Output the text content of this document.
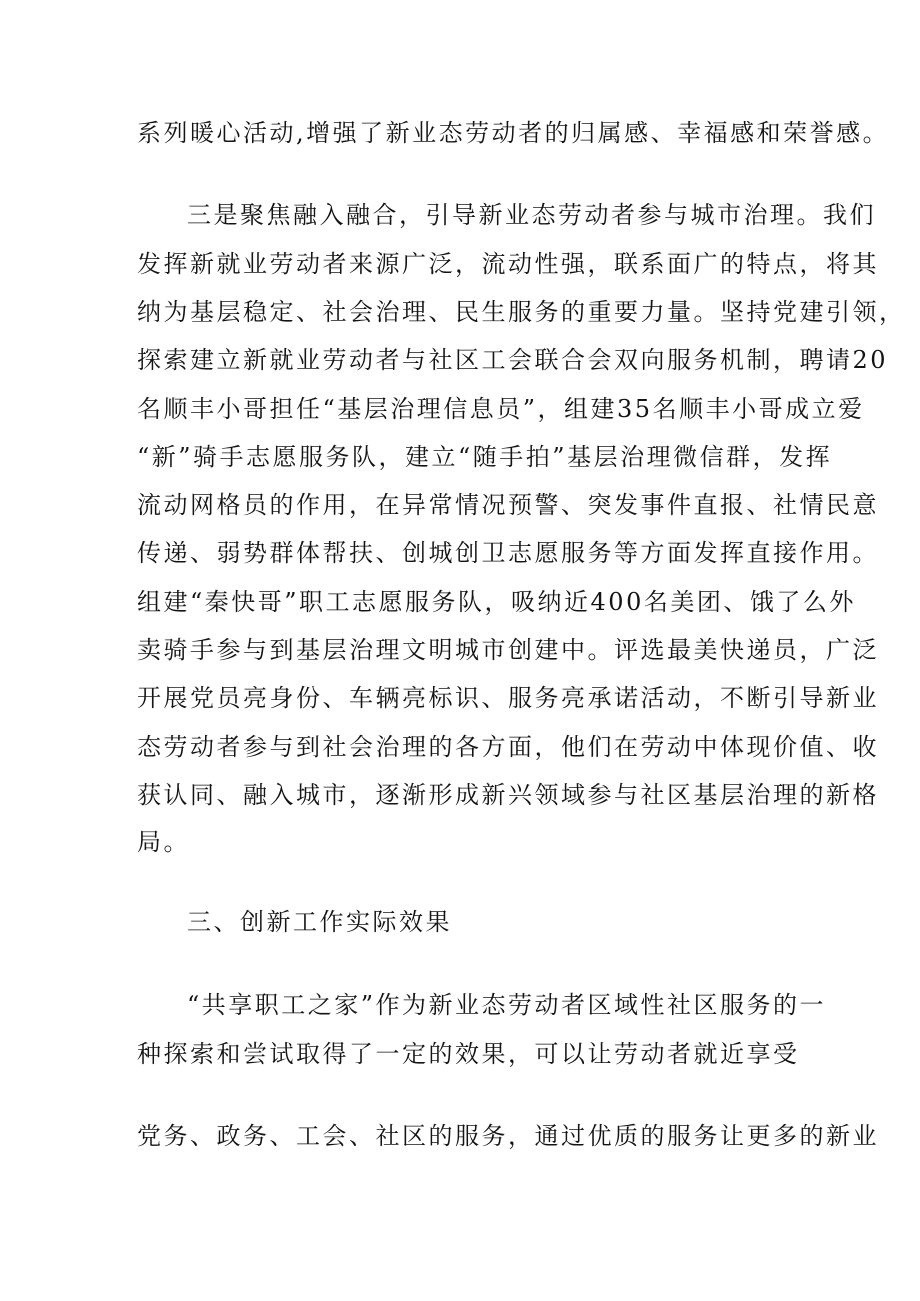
系列暖心活动,增强了新业态劳动者的归属感、幸福感和荣誉感。
三是聚焦融入融合，引导新业态劳动者参与城市治理。我们
发挥新就业劳动者来源广泛，流动性强，联系面广的特点，将其
纳为基层稳定、社会治理、民生服务的重要力量。坚持党建引领，
探索建立新就业劳动者与社区工会联合会双向服务机制，聘请20
名顺丰小哥担任“基层治理信息员”，组建35名顺丰小哥成立爱
“新”骑手志愿服务队，建立“随手拍”基层治理微信群，发挥
流动网格员的作用，在异常情况预警、突发事件直报、社情民意
传递、弱势群体帮扶、创城创卫志愿服务等方面发挥直接作用。
组建“秦快哥”职工志愿服务队，吸纳近400名美团、饿了么外
卖骑手参与到基层治理文明城市创建中。评选最美快递员，广泛
开展党员亮身份、车辆亮标识、服务亮承诺活动，不断引导新业
态劳动者参与到社会治理的各方面，他们在劳动中体现价值、收
获认同、融入城市，逐渐形成新兴领域参与社区基层治理的新格
局。
三、创新工作实际效果
“共享职工之家”作为新业态劳动者区域性社区服务的一
种探索和尝试取得了一定的效果，可以让劳动者就近享受
党务、政务、工会、社区的服务，通过优质的服务让更多的新业
